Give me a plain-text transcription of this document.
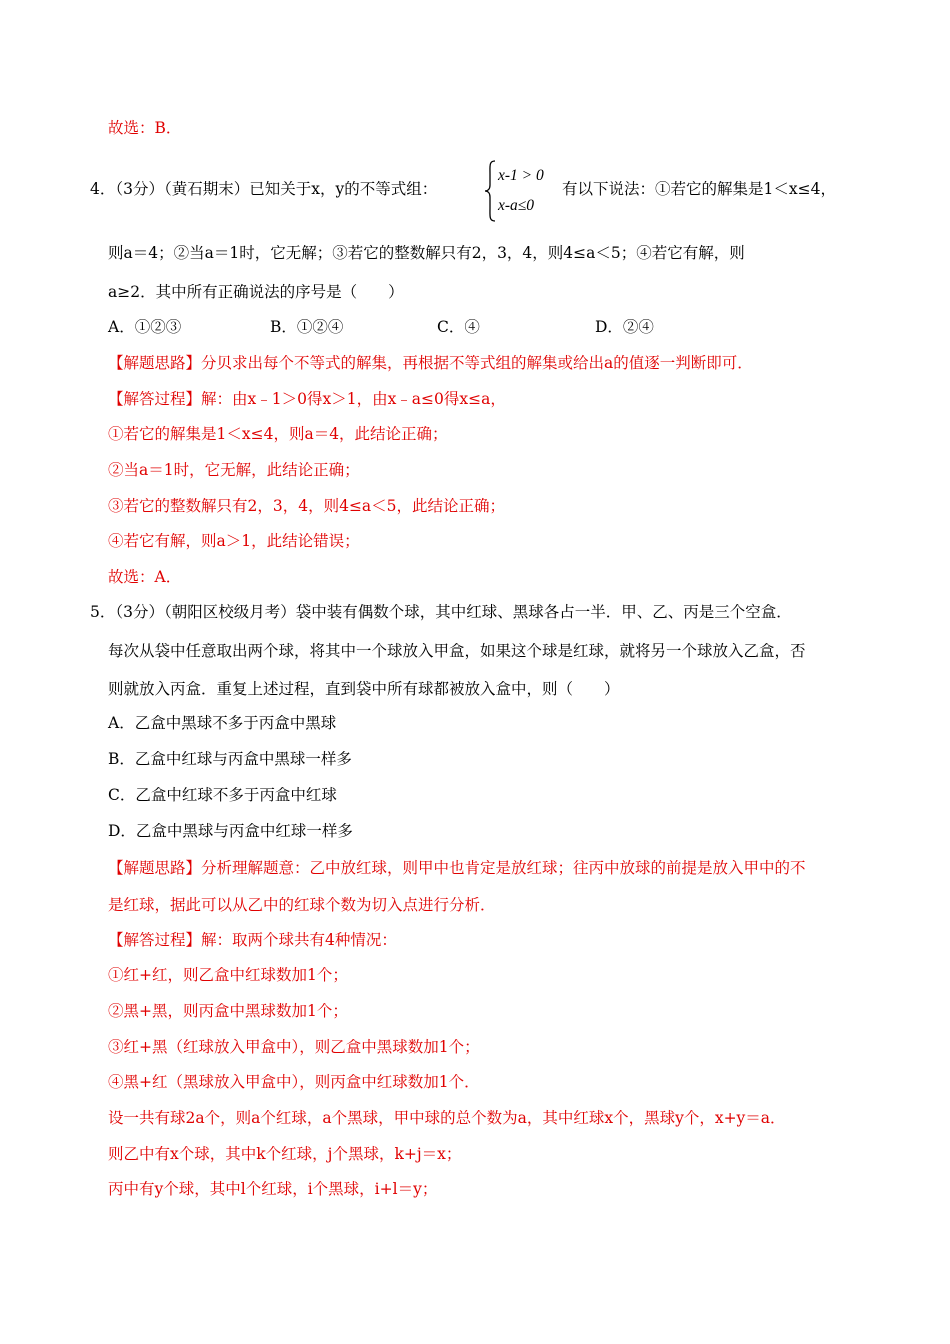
故选：B．
4．（3分）（黄石期末）已知关于x，y的不等式组：
x-1 > 0
x-a≤0
有以下说法：①若它的解集是1＜x≤4，
则a＝4；②当a＝1时，它无解；③若它的整数解只有2，3，4，则4≤a＜5；④若它有解，则
a≥2．其中所有正确说法的序号是（　　）
A．①②③	B．①②④	C．④	D．②④
【解题思路】分贝求出每个不等式的解集，再根据不等式组的解集或给出a的值逐一判断即可．
【解答过程】解：由x﹣1＞0得x＞1，由x﹣a≤0得x≤a，
①若它的解集是1＜x≤4，则a＝4，此结论正确；
②当a＝1时，它无解，此结论正确；
③若它的整数解只有2，3，4，则4≤a＜5，此结论正确；
④若它有解，则a＞1，此结论错误；
故选：A．
5．（3分）（朝阳区校级月考）袋中装有偶数个球，其中红球、黑球各占一半．甲、乙、丙是三个空盒．
每次从袋中任意取出两个球，将其中一个球放入甲盒，如果这个球是红球，就将另一个球放入乙盒，否
则就放入丙盒．重复上述过程，直到袋中所有球都被放入盒中，则（　　）
A．乙盒中黑球不多于丙盒中黑球
B．乙盒中红球与丙盒中黑球一样多
C．乙盒中红球不多于丙盒中红球
D．乙盒中黑球与丙盒中红球一样多
【解题思路】分析理解题意：乙中放红球，则甲中也肯定是放红球；往丙中放球的前提是放入甲中的不
是红球，据此可以从乙中的红球个数为切入点进行分析．
【解答过程】解：取两个球共有4种情况：
①红+红，则乙盒中红球数加1个；
②黑+黑，则丙盒中黑球数加1个；
③红+黑（红球放入甲盒中），则乙盒中黑球数加1个；
④黑+红（黑球放入甲盒中），则丙盒中红球数加1个．
设一共有球2a个，则a个红球，a个黑球，甲中球的总个数为a，其中红球x个，黑球y个，x+y＝a．
则乙中有x个球，其中k个红球，j个黑球，k+j＝x；
丙中有y个球，其中l个红球，i个黑球，i+l＝y；
